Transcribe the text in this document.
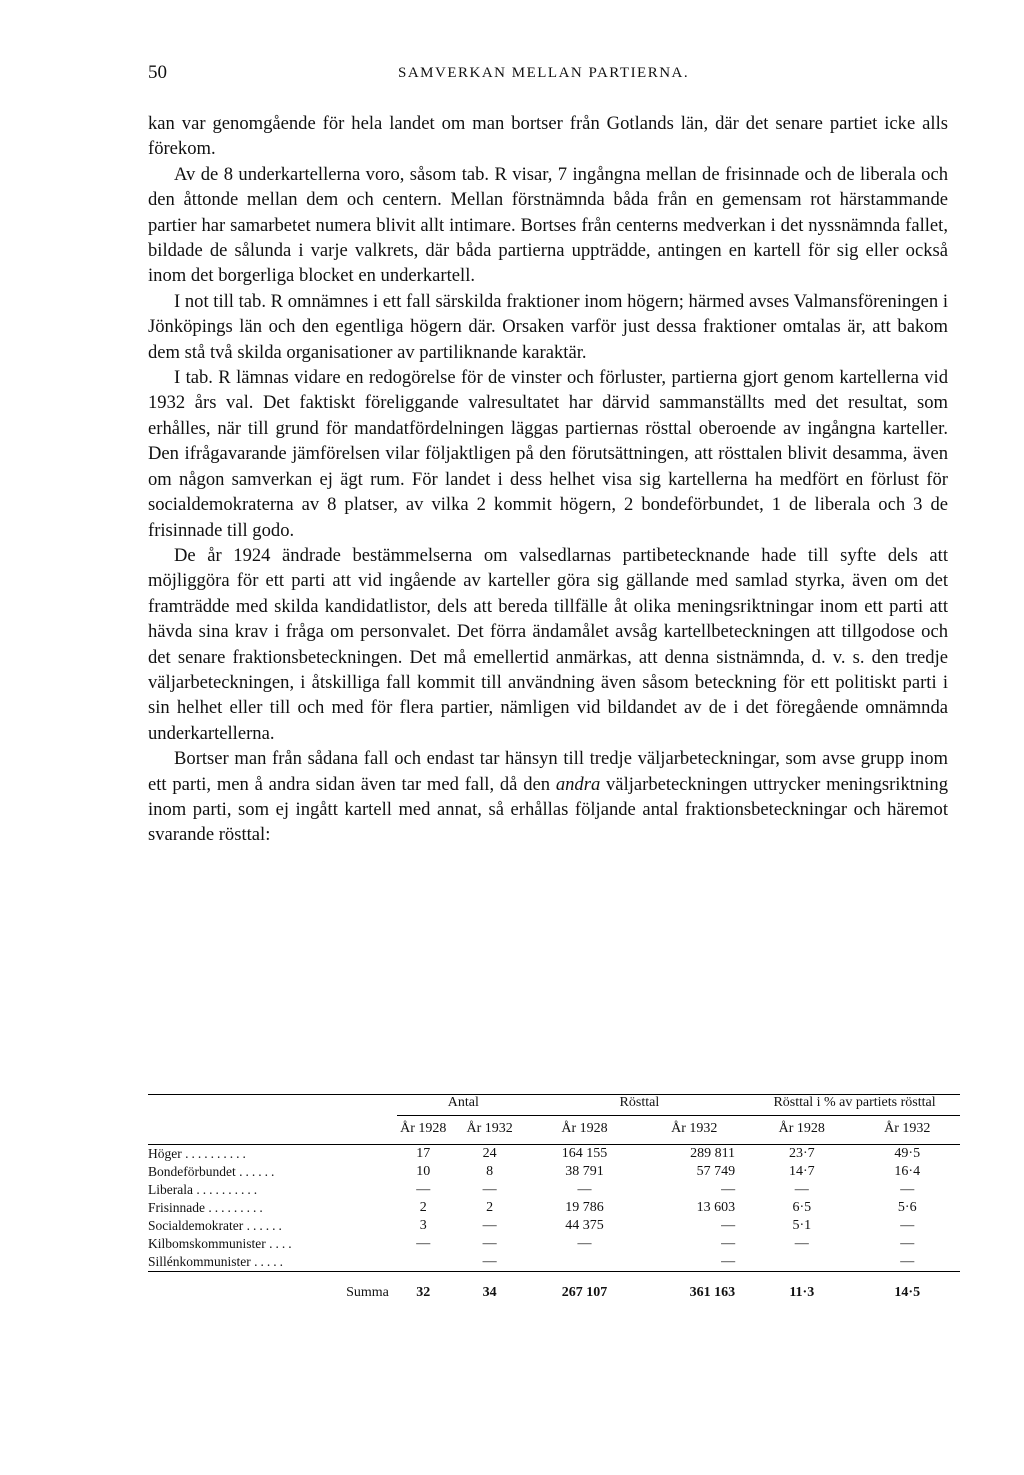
50	SAMVERKAN MELLAN PARTIERNA.

kan var genomgående för hela landet om man bortser från Gotlands län, där det senare partiet icke alls förekom.

Av de 8 underkartellerna voro, såsom tab. R visar, 7 ingångna mellan de frisinnade och de liberala och den åttonde mellan dem och centern. Mellan förstnämnda båda från en gemensam rot härstammande partier har samarbetet numera blivit allt intimare. Bortses från centerns medverkan i det nyssnämnda fallet, bildade de sålunda i varje valkrets, där båda partierna uppträdde, antingen en kartell för sig eller också inom det borgerliga blocket en underkartell.

I not till tab. R omnämnes i ett fall särskilda fraktioner inom högern; härmed avses Valmansföreningen i Jönköpings län och den egentliga högern där. Orsaken varför just dessa fraktioner omtalas är, att bakom dem stå två skilda organisationer av partiliknande karaktär.

I tab. R lämnas vidare en redogörelse för de vinster och förluster, partierna gjort genom kartellerna vid 1932 års val. Det faktiskt föreliggande valresultatet har därvid sammanställts med det resultat, som erhålles, när till grund för mandatfördelningen läggas partiernas rösttal oberoende av ingångna karteller. Den ifrågavarande jämförelsen vilar följaktligen på den förutsättningen, att rösttalen blivit desamma, även om någon samverkan ej ägt rum. För landet i dess helhet visa sig kartellerna ha medfört en förlust för socialdemokraterna av 8 platser, av vilka 2 kommit högern, 2 bondeförbundet, 1 de liberala och 3 de frisinnade till godo.

De år 1924 ändrade bestämmelserna om valsedlarnas partibetecknande hade till syfte dels att möjliggöra för ett parti att vid ingående av karteller göra sig gällande med samlad styrka, även om det framträdde med skilda kandidatlistor, dels att bereda tillfälle åt olika meningsriktningar inom ett parti att hävda sina krav i fråga om personvalet. Det förra ändamålet avsåg kartellbeteckningen att tillgodose och det senare fraktionsbeteckningen. Det må emellertid anmärkas, att denna sistnämnda, d. v. s. den tredje väljarbeteckningen, i åtskilliga fall kommit till användning även såsom beteckning för ett politiskt parti i sin helhet eller till och med för flera partier, nämligen vid bildandet av de i det föregående omnämnda underkartellerna.

Bortser man från sådana fall och endast tar hänsyn till tredje väljarbeteckningar, som avse grupp inom ett parti, men å andra sidan även tar med fall, då den andra väljarbeteckningen uttrycker meningsriktning inom parti, som ej ingått kartell med annat, så erhållas följande antal fraktionsbeteckningar och häremot svarande rösttal:

	Antal		Rösttal		Rösttal i % av partiets rösttal	
	År 1928	År 1932	År 1928	År 1932	År 1928	År 1932

Höger ..........	17	24	164 155	289 811	23·7	49·5
Bondeförbundet ......	10	8	38 791	57 749	14·7	16·4
Liberala ..........	—	—	—	—	—	—
Frisinnade .........	2	2	19 786	13 603	6·5	5·6
Socialdemokrater ......	3	—	44 375	—	5·1	—
Kilbomskommunister ....	—	—	—	—	—	—
Sillénkommunister .....		—		—		—

Summa	32	34	267 107	361 163	11·3	14·5
